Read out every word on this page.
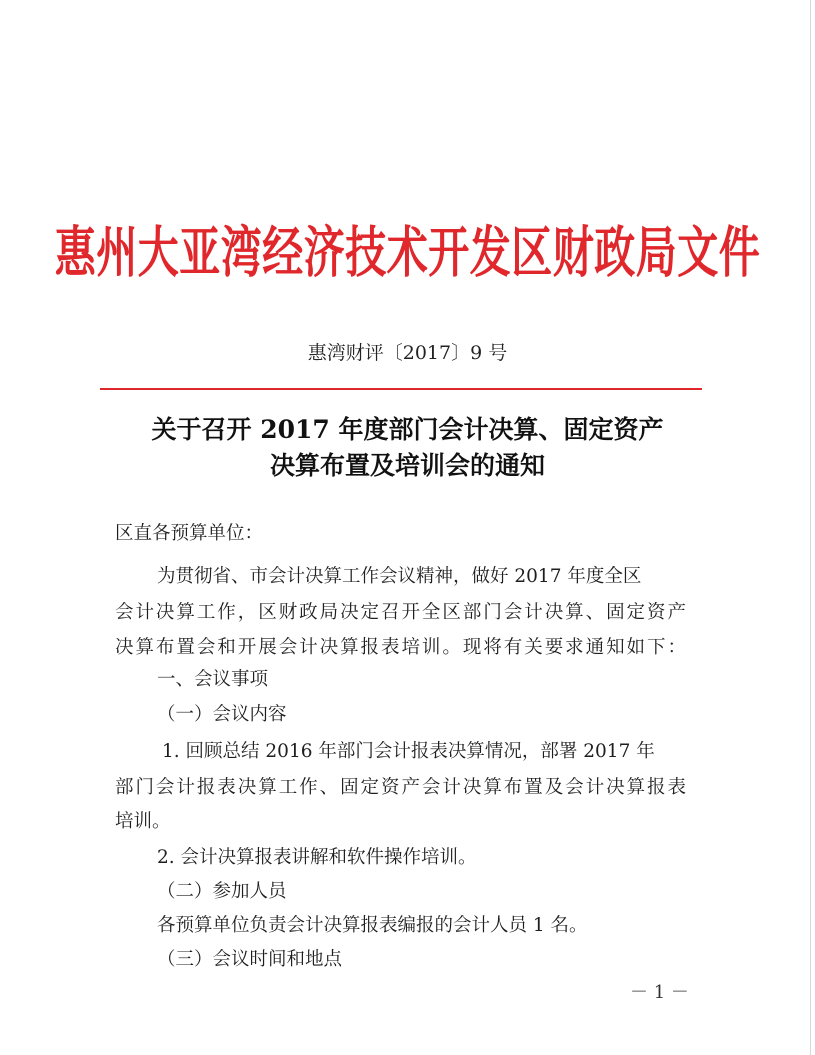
惠州大亚湾经济技术开发区财政局文件
惠湾财评〔2017〕9 号
关于召开 2017 年度部门会计决算、固定资产
决算布置及培训会的通知
区直各预算单位：
为贯彻省、市会计决算工作会议精神，做好 2017 年度全区
会计决算工作，区财政局决定召开全区部门会计决算、固定资产
决算布置会和开展会计决算报表培训。现将有关要求通知如下：
一、会议事项
（一）会议内容
1. 回顾总结 2016 年部门会计报表决算情况，部署 2017 年
部门会计报表决算工作、固定资产会计决算布置及会计决算报表
培训。
2. 会计决算报表讲解和软件操作培训。
（二）参加人员
各预算单位负责会计决算报表编报的会计人员 1 名。
（三）会议时间和地点
－ 1 －
